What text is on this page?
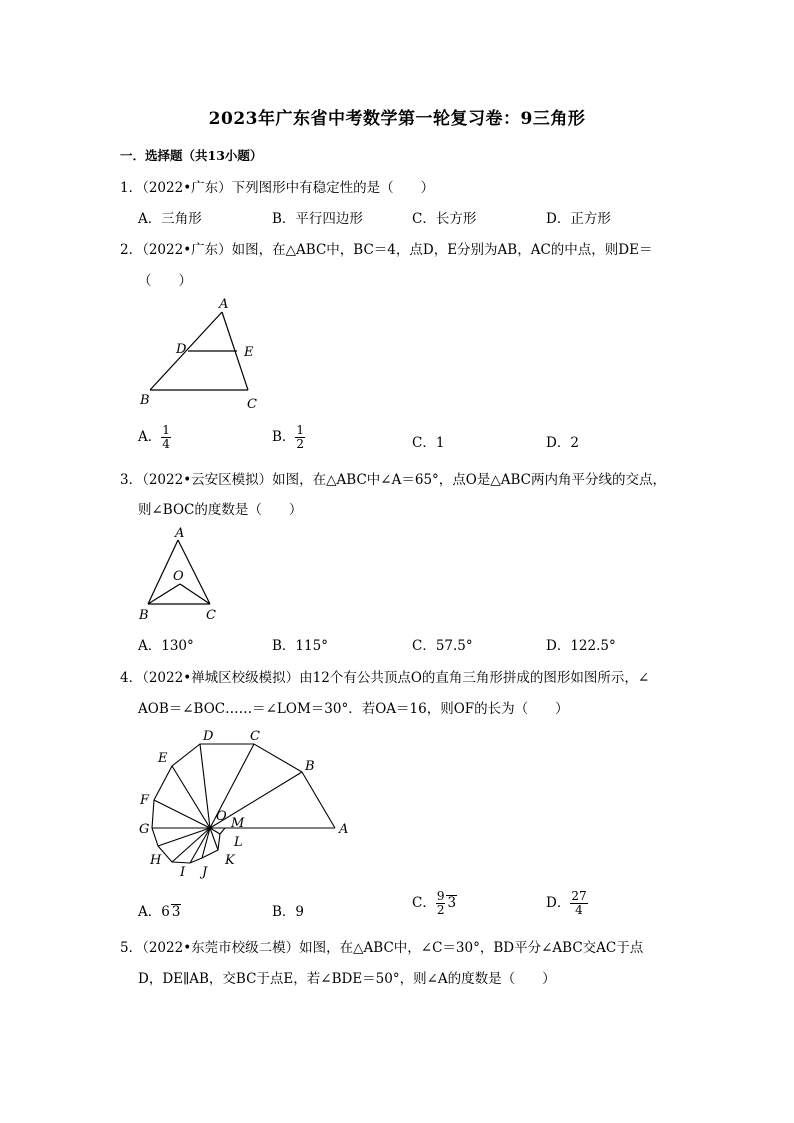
2023年广东省中考数学第一轮复习卷：9三角形
一．选择题（共13小题）
1．（2022•广东）下列图形中有稳定性的是（　　）
A．三角形	B．平行四边形	C．长方形	D．正方形
2．（2022•广东）如图，在△ABC中，BC＝4，点D，E分别为AB，AC的中点，则DE＝
（　　）
A
D	E
B	C
A． $\frac{1}{4}$	B． $\frac{1}{2}$	C．1	D．2
3．（2022•云安区模拟）如图，在△ABC中∠A＝65°，点O是△ABC两内角平分线的交点，
则∠BOC的度数是（　　）
A
O
B	C
A．130°	B．115°	C．57.5°	D．122.5°
4．（2022•禅城区校级模拟）由12个有公共顶点O的直角三角形拼成的图形如图所示，∠
AOB＝∠BOC……＝∠LOM＝30°．若OA＝16，则OF的长为（　　）
A
B
C
D
E
F
G
H
I J
K
L
M
O
A．6 3	B．9
C． $\frac{9}{2} 3$	D． $\frac{27}{4}$
5．（2022•东莞市校级二模）如图，在△ABC中，∠C＝30°，BD平分∠ABC交AC于点
D，DE∥AB，交BC于点E，若∠BDE＝50°，则∠A的度数是（　　）
